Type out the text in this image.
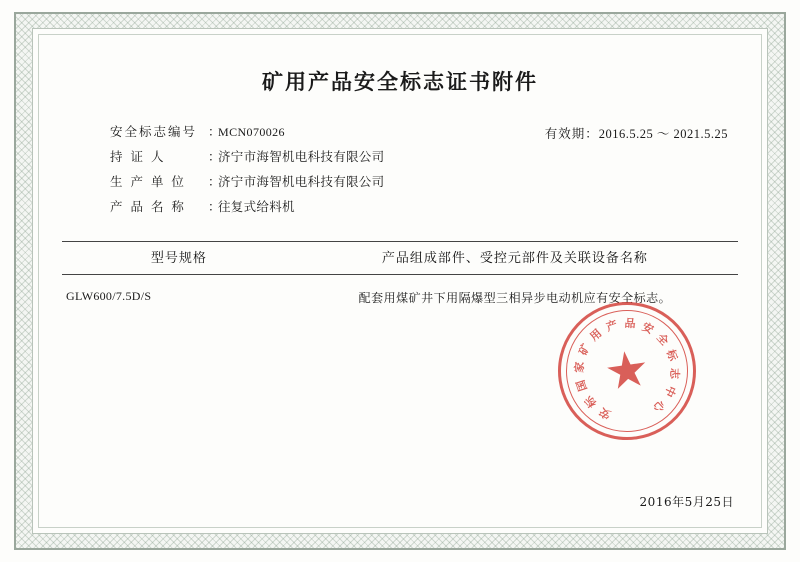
矿用产品安全标志证书附件
有效期：2016.5.25 ～ 2021.5.25
安全标志编号 ：
MCN070026
持 证 人	：
济宁市海智机电科技有限公司
生 产 单 位	：
济宁市海智机电科技有限公司
产 品 名 称	：
往复式给料机
型号规格	产品组成部件、受控元部件及关联设备名称
GLW600/7.5D/S	配套用煤矿井下用隔爆型三相异步电动机应有安全标志。
安
标
国
家
矿
用
产 品 安
全
标
志
中
心
2016年5月25日
